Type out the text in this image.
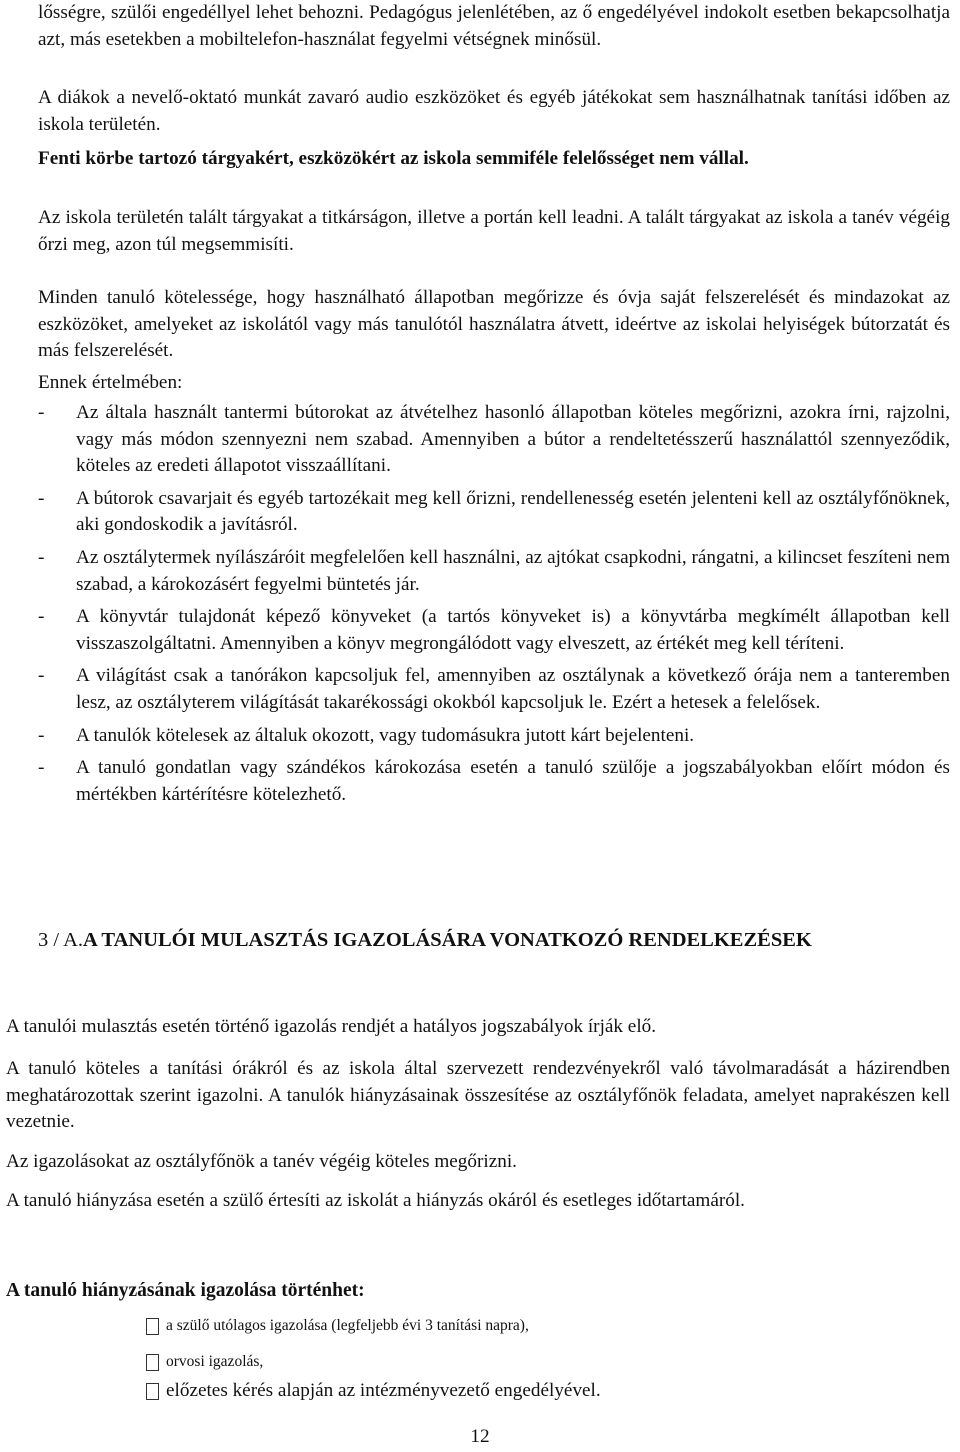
lősségre, szülői engedéllyel lehet behozni. Pedagógus jelenlétében, az ő engedélyével indokolt esetben bekapcsolhatja azt, más esetekben a mobiltelefon-használat fegyelmi vétségnek minősül.

A diákok a nevelő-oktató munkát zavaró audio eszközöket és egyéb játékokat sem használhatnak tanítási időben az iskola területén.

Fenti körbe tartozó tárgyakért, eszközökért az iskola semmiféle felelősséget nem vállal.

Az iskola területén talált tárgyakat a titkárságon, illetve a portán kell leadni. A talált tárgyakat az iskola a tanév végéig őrzi meg, azon túl megsemmisíti.

Minden tanuló kötelessége, hogy használható állapotban megőrizze és óvja saját felszerelését és mindazokat az eszközöket, amelyeket az iskolától vagy más tanulótól használatra átvett, ideértve az iskolai helyiségek bútorzatát és más felszerelését.

Ennek értelmében:

- Az általa használt tantermi bútorokat az átvételhez hasonló állapotban köteles megőrizni, azokra írni, rajzolni, vagy más módon szennyezni nem szabad. Amennyiben a bútor a rendeltetésszerű használattól szennyeződik, köteles az eredeti állapotot visszaállítani.
- A bútorok csavarjait és egyéb tartozékait meg kell őrizni, rendellenesség esetén jelenteni kell az osztályfőnöknek, aki gondoskodik a javításról.
- Az osztálytermek nyílászáróit megfelelően kell használni, az ajtókat csapkodni, rángatni, a kilincset feszíteni nem szabad, a károkozásért fegyelmi büntetés jár.
- A könyvtár tulajdonát képező könyveket (a tartós könyveket is) a könyvtárba megkímélt állapotban kell visszaszolgáltatni. Amennyiben a könyv megrongálódott vagy elveszett, az értékét meg kell téríteni.
- A világítást csak a tanórákon kapcsoljuk fel, amennyiben az osztálynak a következő órája nem a tanteremben lesz, az osztályterem világítását takarékossági okokból kapcsoljuk le. Ezért a hetesek a felelősek.
- A tanulók kötelesek az általuk okozott, vagy tudomásukra jutott kárt bejelenteni.
- A tanuló gondatlan vagy szándékos károkozása esetén a tanuló szülője a jogszabályokban előírt módon és mértékben kártérítésre kötelezhető.
3 / A.A TANULÓI MULASZTÁS IGAZOLÁSÁRA VONATKOZÓ RENDELKEZÉSEK

A tanulói mulasztás esetén történő igazolás rendjét a hatályos jogszabályok írják elő.

A tanuló köteles a tanítási órákról és az iskola által szervezett rendezvényekről való távolmaradását a házirendben meghatározottak szerint igazolni. A tanulók hiányzásainak összesítése az osztályfőnök feladata, amelyet naprakészen kell vezetnie.

Az igazolásokat az osztályfőnök a tanév végéig köteles megőrizni.

A tanuló hiányzása esetén a szülő értesíti az iskolát a hiányzás okáról és esetleges időtartamáról.

A tanuló hiányzásának igazolása történhet:

a szülő utólagos igazolása (legfeljebb évi 3 tanítási napra),

orvosi igazolás,

előzetes kérés alapján az intézményvezető engedélyével.

12
